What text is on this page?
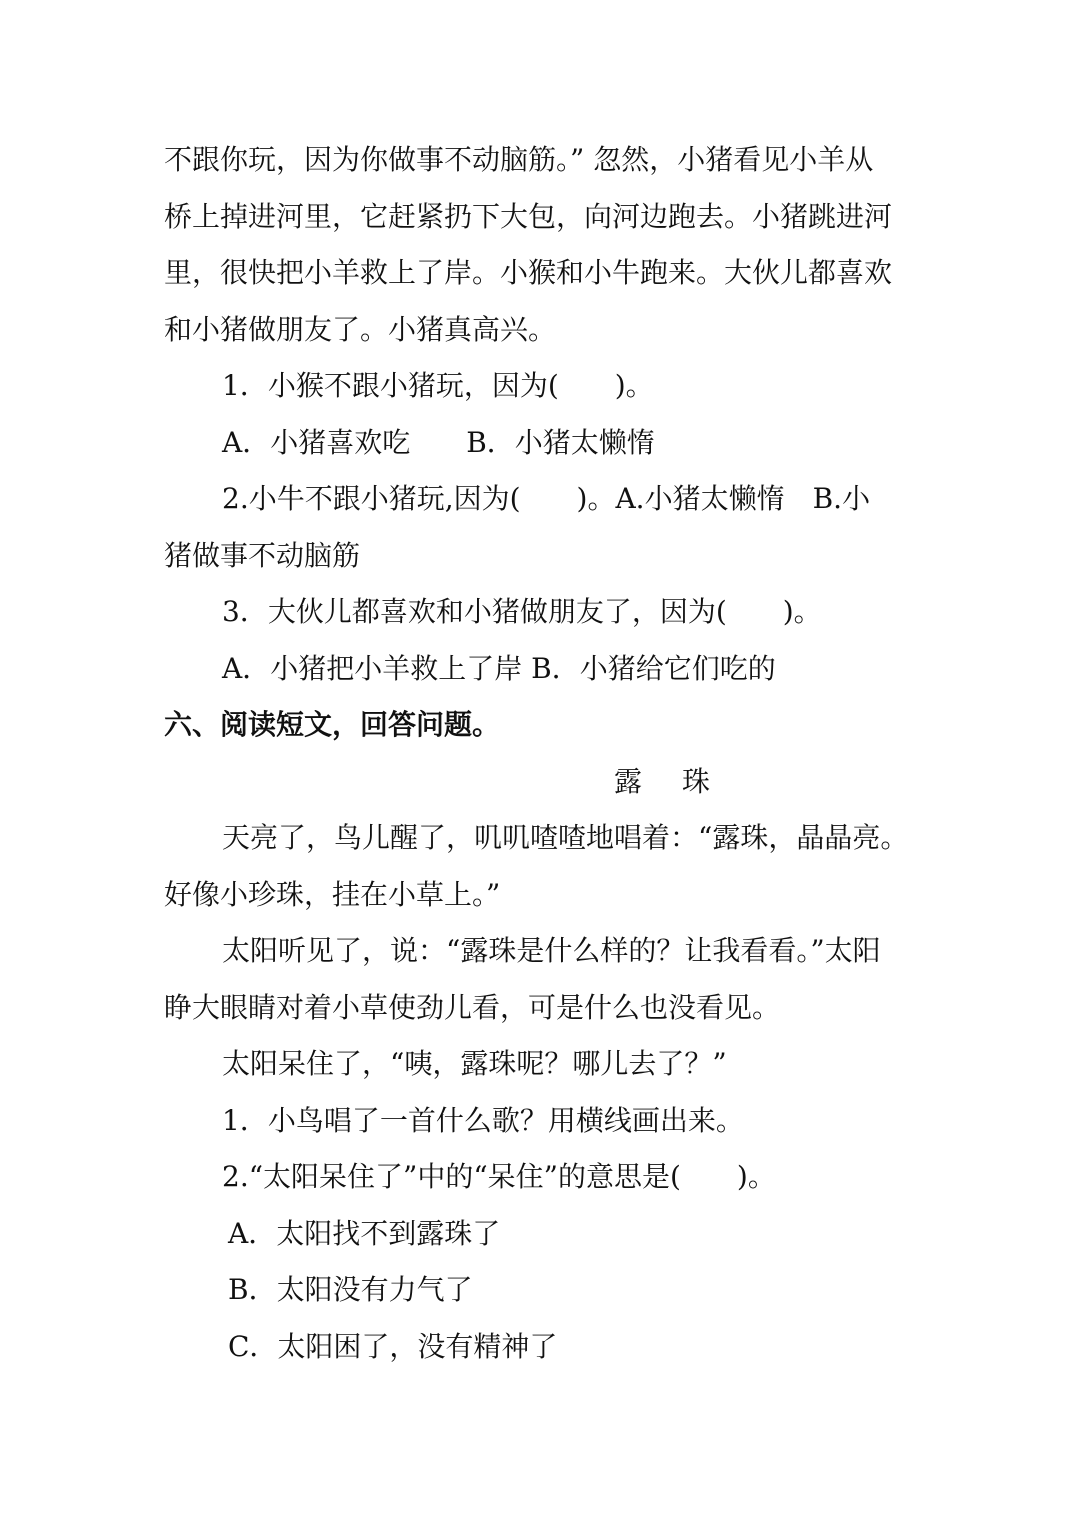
不跟你玩，因为你做事不动脑筋。” 忽然，小猪看见小羊从
桥上掉进河里，它赶紧扔下大包，向河边跑去。小猪跳进河
里，很快把小羊救上了岸。小猴和小牛跑来。大伙儿都喜欢
和小猪做朋友了。小猪真高兴。
1．小猴不跟小猪玩，因为(　　)。
A．小猪喜欢吃 B．小猪太懒惰
2.小牛不跟小猪玩,因为(　　)。A.小猪太懒惰　B.小
猪做事不动脑筋
3．大伙儿都喜欢和小猪做朋友了，因为(　　)。
A．小猪把小羊救上了岸 B．小猪给它们吃的
六、阅读短文，回答问题。
露 珠
天亮了，鸟儿醒了，叽叽喳喳地唱着：“露珠，晶晶亮。
好像小珍珠，挂在小草上。”
太阳听见了，说：“露珠是什么样的？让我看看。”太阳
睁大眼睛对着小草使劲儿看，可是什么也没看见。
太阳呆住了，“咦，露珠呢？哪儿去了？”
1．小鸟唱了一首什么歌？用横线画出来。
2.“太阳呆住了”中的“呆住”的意思是(　　)。
A．太阳找不到露珠了
B．太阳没有力气了
C．太阳困了，没有精神了
